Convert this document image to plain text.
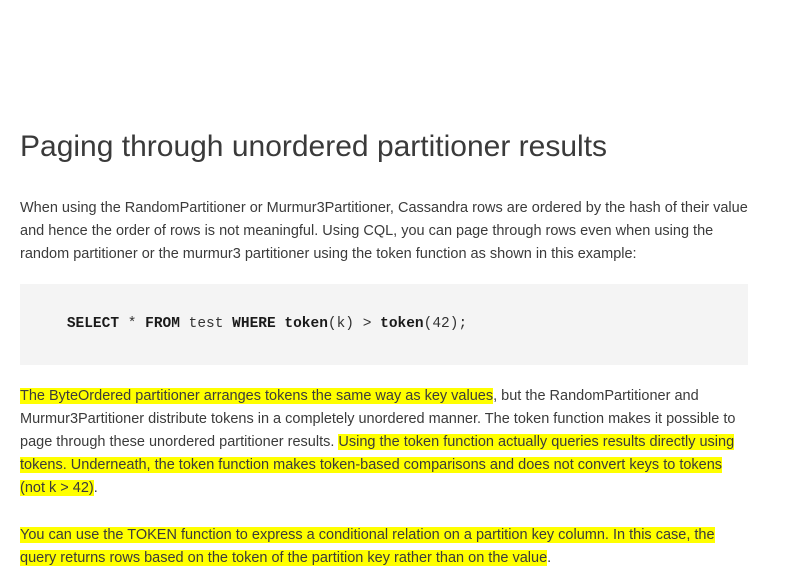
Paging through unordered partitioner results

When using the RandomPartitioner or Murmur3Partitioner, Cassandra rows are ordered by the hash of their value and hence the order of rows is not meaningful. Using CQL, you can page through rows even when using the random partitioner or the murmur3 partitioner using the token function as shown in this example:

SELECT * FROM test WHERE token(k) > token(42);

The ByteOrdered partitioner arranges tokens the same way as key values, but the RandomPartitioner and Murmur3Partitioner distribute tokens in a completely unordered manner. The token function makes it possible to page through these unordered partitioner results. Using the token function actually queries results directly using tokens. Underneath, the token function makes token-based comparisons and does not convert keys to tokens (not k > 42).

You can use the TOKEN function to express a conditional relation on a partition key column. In this case, the query returns rows based on the token of the partition key rather than on the value.
